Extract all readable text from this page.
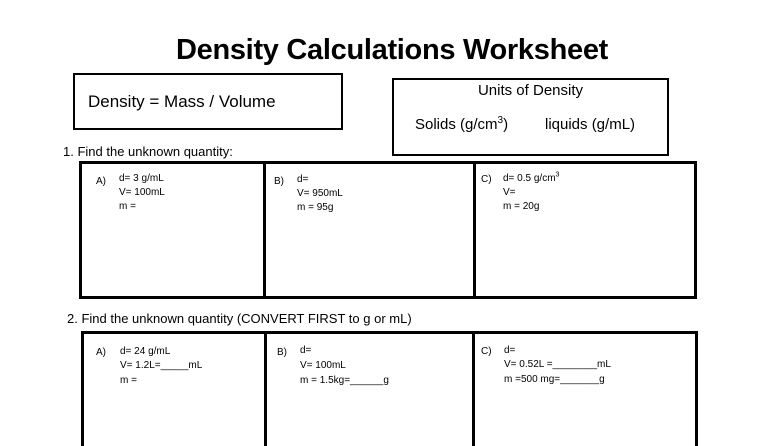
Density Calculations Worksheet
Density = Mass / Volume
Units of Density
Solids $(g/cm^3)$ liquids (g/mL)
1. Find the unknown quantity:
A) d= 3 g/mL
V= 100mL
m =
B) d=
V= 950mL
m = 95g
C) d= 0.5 $g/cm^3$
V=
m = 20g
2. Find the unknown quantity (CONVERT FIRST to g or mL)
A) d= 24 g/mL
V= 1.2L=_____mL
m =
B) d=
V= 100mL
m = 1.5kg=______g
C) d=
V= 0.52L =________mL
m =500 mg=_______g
